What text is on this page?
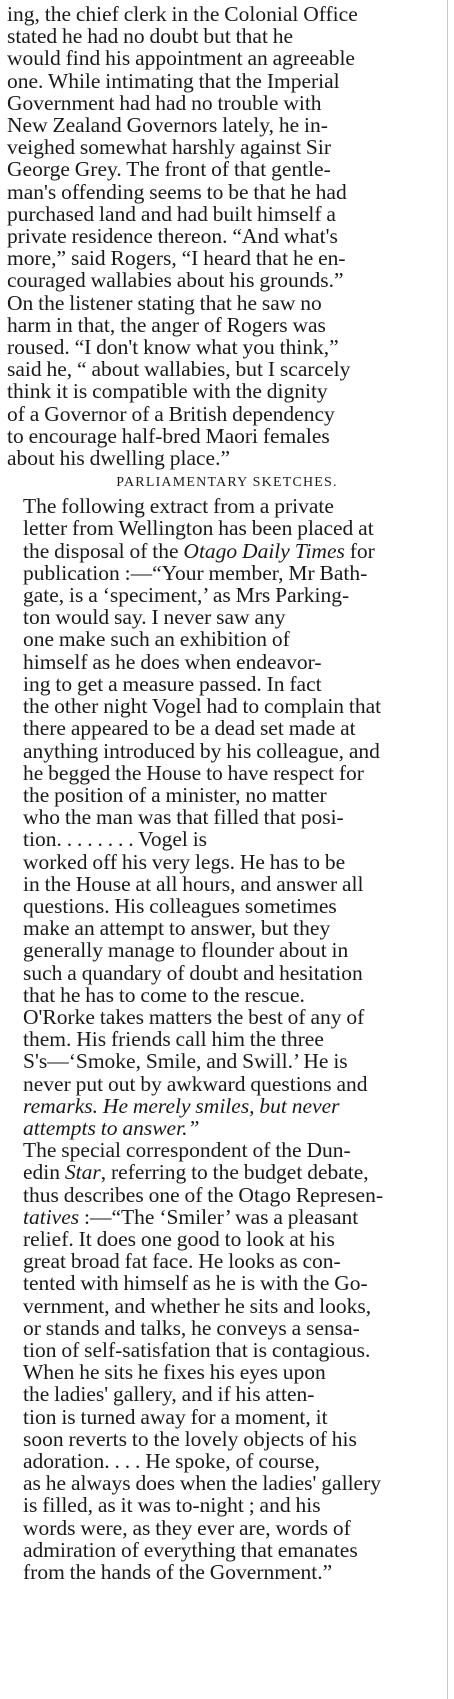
ing, the chief clerk in the Colonial Office
stated he had no doubt but that he
would find his appointment an agreeable
one. While intimating that the Imperial
Government had had no trouble with
New Zealand Governors lately, he in-
veighed somewhat harshly against Sir
George Grey. The front of that gentle-
man's offending seems to be that he had
purchased land and had built himself a
private residence thereon. “And what's
more,” said Rogers, “I heard that he en-
couraged wallabies about his grounds.”
On the listener stating that he saw no
harm in that, the anger of Rogers was
roused. “I don't know what you think,”
said he, “ about wallabies, but I scarcely
think it is compatible with the dignity
of a Governor of a British dependency
to encourage half-bred Maori females
about his dwelling place.”

PARLIAMENTARY SKETCHES.

The following extract from a private
letter from Wellington has been placed at
the disposal of the Otago Daily Times for
publication :—“Your member, Mr Bath-
gate, is a ‘speciment,’ as Mrs Parking-
ton would say. I never saw any
one make such an exhibition of
himself as he does when endeavor-
ing to get a measure passed. In fact
the other night Vogel had to complain that
there appeared to be a dead set made at
anything introduced by his colleague, and
he begged the House to have respect for
the position of a minister, no matter
who the man was that filled that posi-
tion. . . . . . . . Vogel is
worked off his very legs. He has to be
in the House at all hours, and answer all
questions. His colleagues sometimes
make an attempt to answer, but they
generally manage to flounder about in
such a quandary of doubt and hesitation
that he has to come to the rescue.
O'Rorke takes matters the best of any of
them. His friends call him the three
S's—‘Smoke, Smile, and Swill.’ He is
never put out by awkward questions and
remarks. He merely smiles, but never
attempts to answer.”

The special correspondent of the Dun-
edin Star, referring to the budget debate,
thus describes one of the Otago Represen-
tatives :—“The ‘Smiler’ was a pleasant
relief. It does one good to look at his
great broad fat face. He looks as con-
tented with himself as he is with the Go-
vernment, and whether he sits and looks,
or stands and talks, he conveys a sensa-
tion of self-satisfation that is contagious.
When he sits he fixes his eyes upon
the ladies' gallery, and if his atten-
tion is turned away for a moment, it
soon reverts to the lovely objects of his
adoration. . . . He spoke, of course,
as he always does when the ladies' gallery
is filled, as it was to-night ; and his
words were, as they ever are, words of
admiration of everything that emanates
from the hands of the Government.”
